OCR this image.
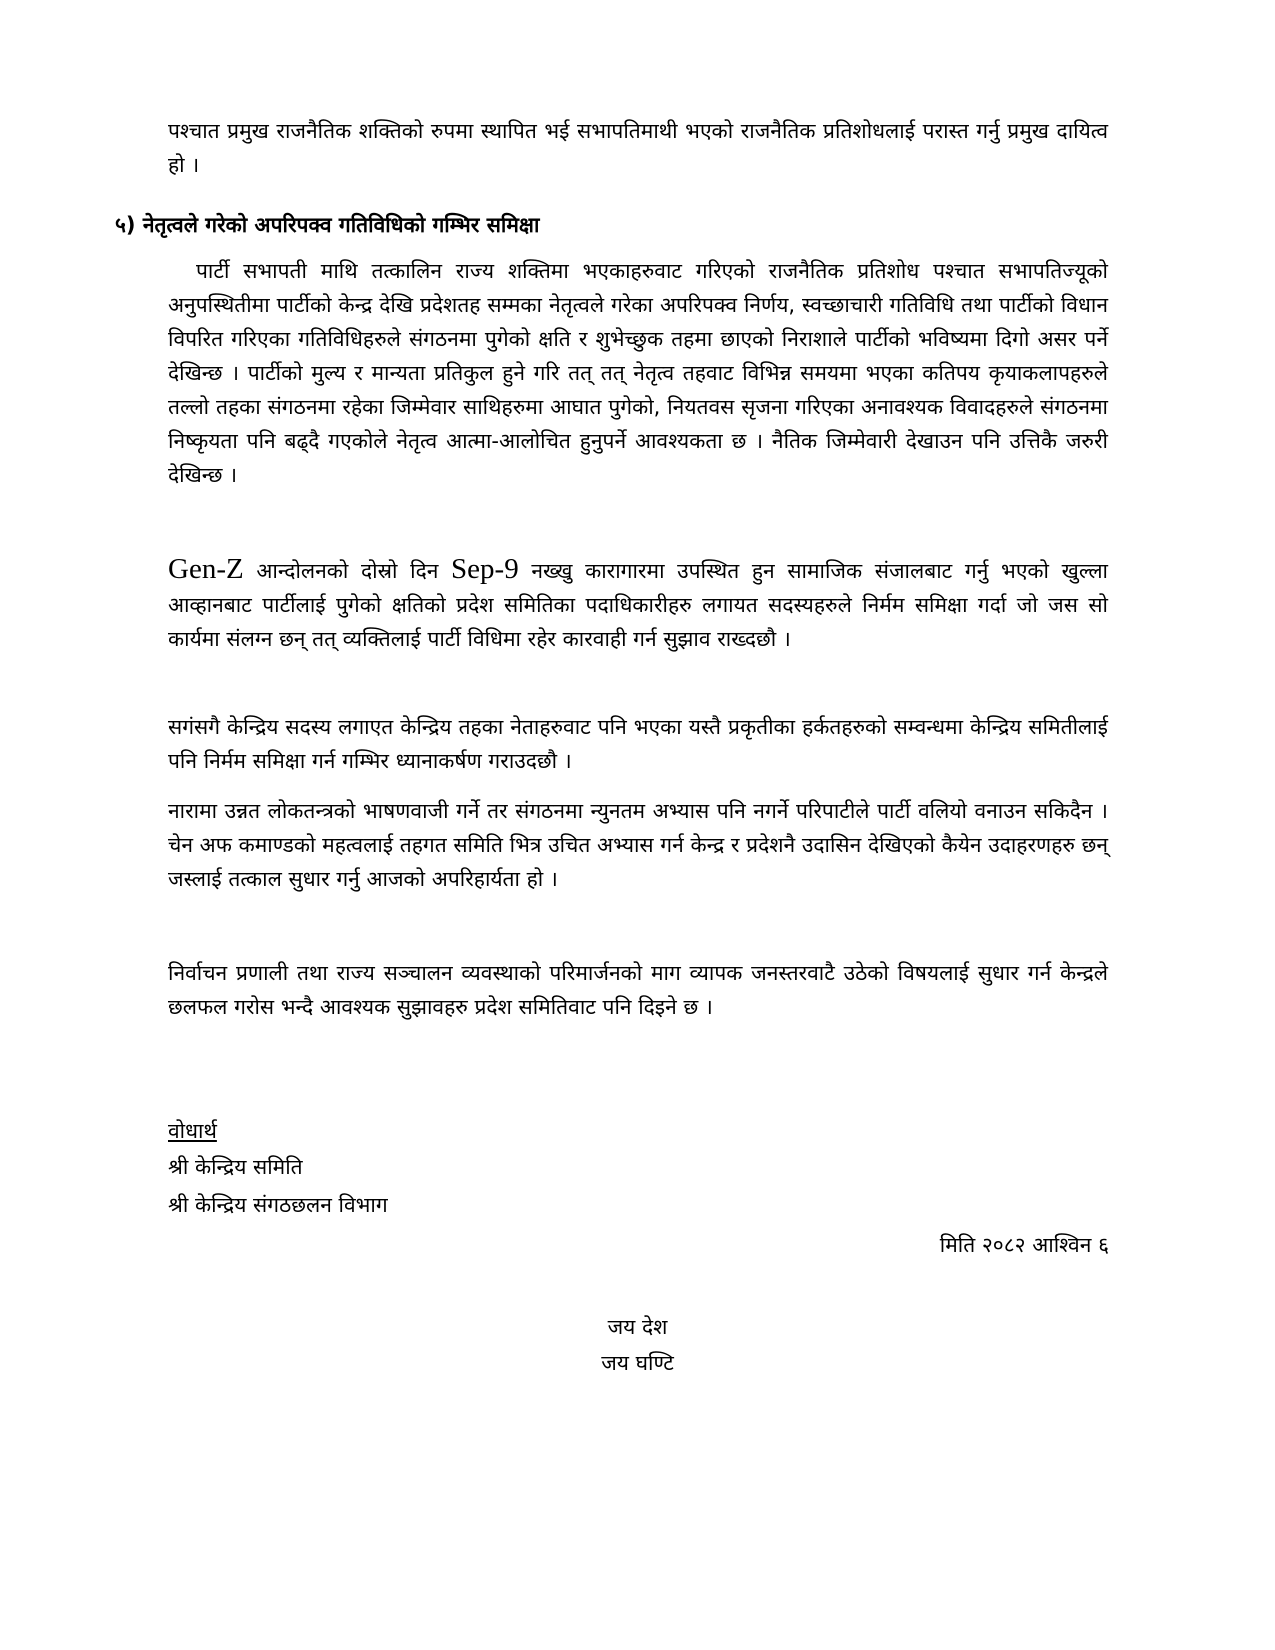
पश्चात प्रमुख राजनैतिक शक्तिको रुपमा स्थापित भई सभापतिमाथी भएको राजनैतिक प्रतिशोधलाई परास्त गर्नु प्रमुख दायित्व हो ।

५) नेतृत्वले गरेको अपरिपक्व गतिविधिको गम्भिर समिक्षा

पार्टी सभापती माथि तत्कालिन राज्य शक्तिमा भएकाहरुवाट गरिएको राजनैतिक प्रतिशोध पश्चात सभापतिज्यूको अनुपस्थितीमा पार्टीको केन्द्र देखि प्रदेशतह सम्मका नेतृत्वले गरेका अपरिपक्व निर्णय, स्वच्छाचारी गतिविधि तथा पार्टीको विधान विपरित गरिएका गतिविधिहरुले संगठनमा पुगेको क्षति र शुभेच्छुक तहमा छाएको निराशाले पार्टीको भविष्यमा दिगो असर पर्ने देखिन्छ । पार्टीको मुल्य र मान्यता प्रतिकुल हुने गरि तत् तत् नेतृत्व तहवाट विभिन्न समयमा भएका कतिपय कृयाकलापहरुले तल्लो तहका संगठनमा रहेका जिम्मेवार साथिहरुमा आघात पुगेको, नियतवस सृजना गरिएका अनावश्यक विवादहरुले संगठनमा निष्कृयता पनि बढ्दै गएकोले नेतृत्व आत्मा-आलोचित हुनुपर्ने आवश्यकता छ । नैतिक जिम्मेवारी देखाउन पनि उत्तिकै जरुरी देखिन्छ ।

Gen-Z आन्दोलनको दोस्रो दिन Sep-9 नख्खु कारागारमा उपस्थित हुन सामाजिक संजालबाट गर्नु भएको खुल्ला आव्हानबाट पार्टीलाई पुगेको क्षतिको प्रदेश समितिका पदाधिकारीहरु लगायत सदस्यहरुले निर्मम समिक्षा गर्दा जो जस सो कार्यमा संलग्न छन् तत् व्यक्तिलाई पार्टी विधिमा रहेर कारवाही गर्न सुझाव राख्दछौ ।

सगंसगै केन्द्रिय सदस्य लगाएत केन्द्रिय तहका नेताहरुवाट पनि भएका यस्तै प्रकृतीका हर्कतहरुको सम्वन्धमा केन्द्रिय समितीलाई पनि निर्मम समिक्षा गर्न गम्भिर ध्यानाकर्षण गराउदछौ ।

नारामा उन्नत लोकतन्त्रको भाषणवाजी गर्ने तर संगठनमा न्युनतम अभ्यास पनि नगर्ने परिपाटीले पार्टी वलियो वनाउन सकिदैन । चेन अफ कमाण्डको महत्वलाई तहगत समिति भित्र उचित अभ्यास गर्न केन्द्र र प्रदेशनै उदासिन देखिएको कैयेन उदाहरणहरु छन् जस्लाई तत्काल सुधार गर्नु आजको अपरिहार्यता हो ।

निर्वाचन प्रणाली तथा राज्य सञ्चालन व्यवस्थाको परिमार्जनको माग व्यापक जनस्तरवाटै उठेको विषयलाई सुधार गर्न केन्द्रले छलफल गरोस भन्दै आवश्यक सुझावहरु प्रदेश समितिवाट पनि दिइने छ ।

वोधार्थ
श्री केन्द्रिय समिति
श्री केन्द्रिय संगठछलन विभाग
मिति २०८२ आश्विन ६
जय देश
जय घण्टि
